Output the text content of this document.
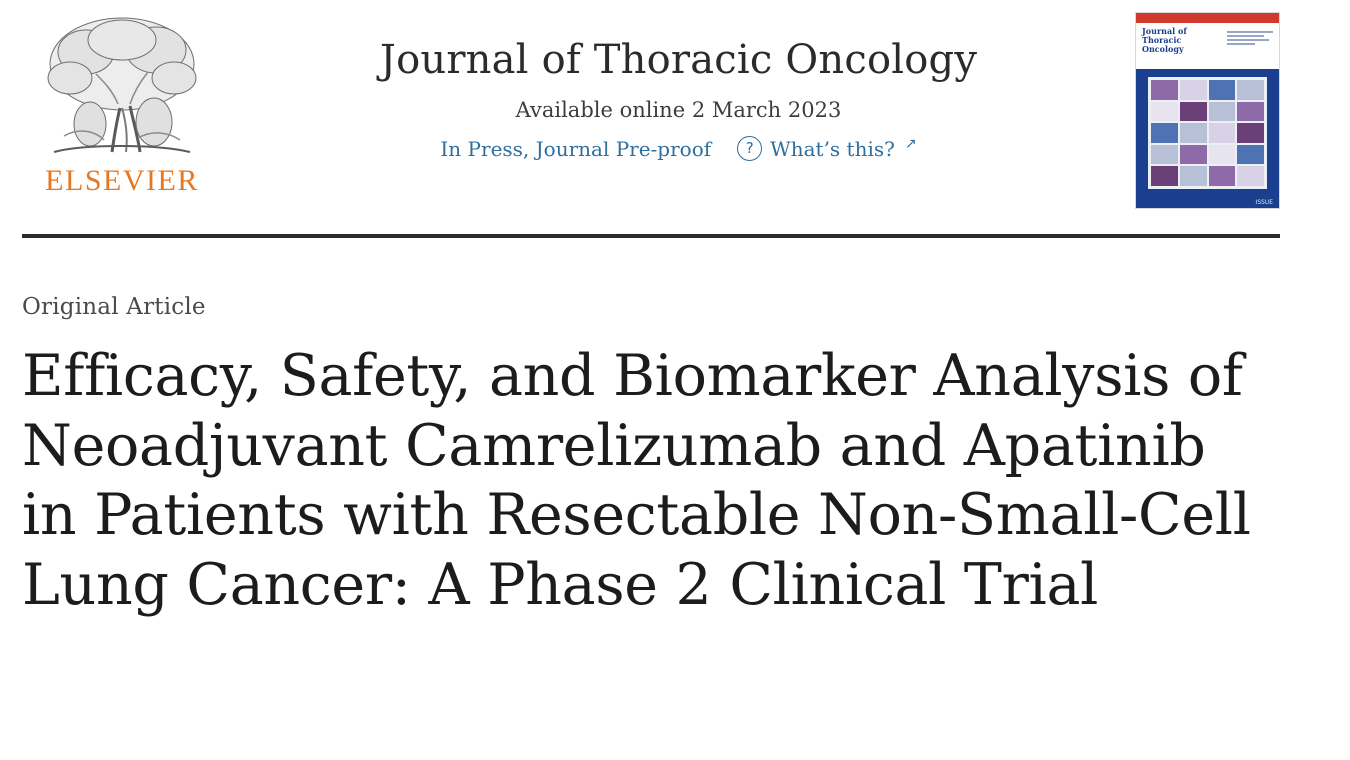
ELSEVIER
Journal of Thoracic Oncology
Available online 2 March 2023
In Press, Journal Pre-proof	? What’s this? ↗
Journal of Thoracic Oncology
ISSUE
Original Article
Efficacy, Safety, and Biomarker Analysis of Neoadjuvant Camrelizumab and Apatinib in Patients with Resectable Non-Small-Cell Lung Cancer: A Phase 2 Clinical Trial
